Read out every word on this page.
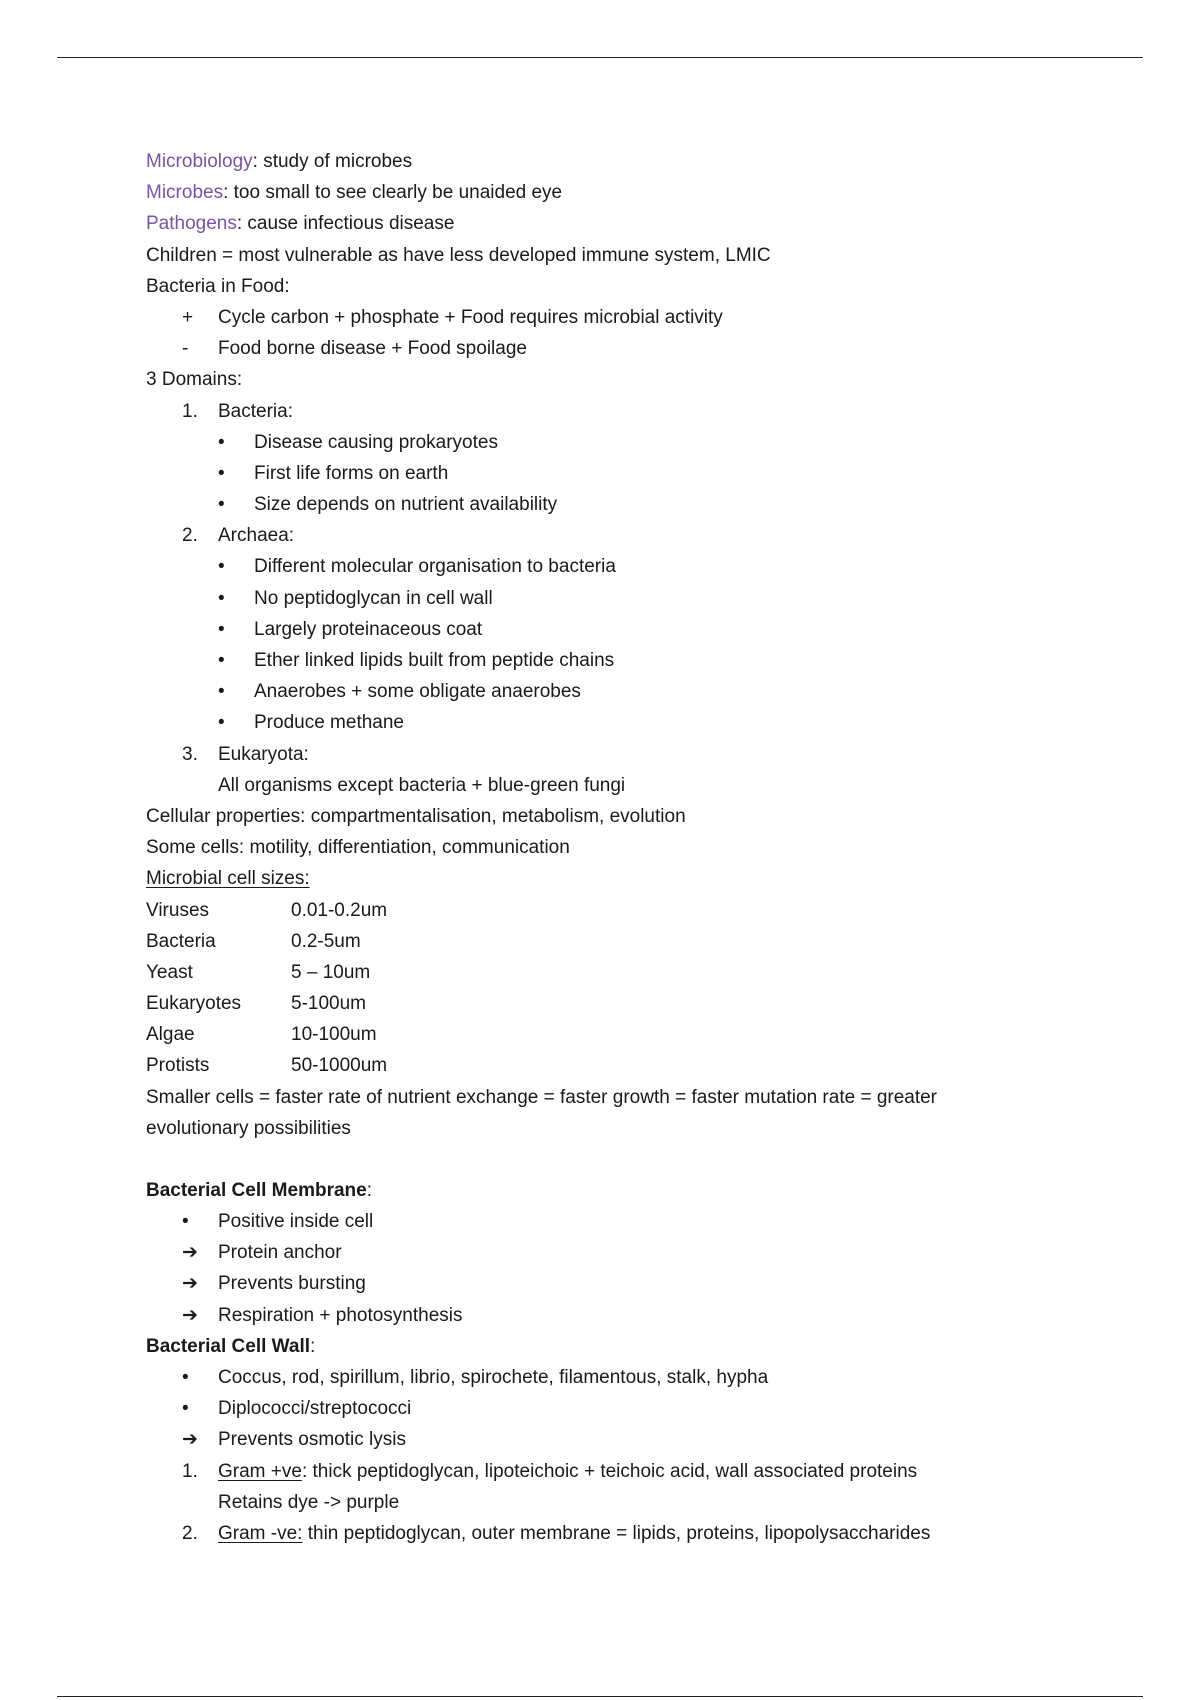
Microbiology: study of microbes
Microbes: too small to see clearly be unaided eye
Pathogens: cause infectious disease
Children = most vulnerable as have less developed immune system, LMIC
Bacteria in Food:
+ Cycle carbon + phosphate + Food requires microbial activity
- Food borne disease + Food spoilage
3 Domains:
1. Bacteria:
• Disease causing prokaryotes
• First life forms on earth
• Size depends on nutrient availability
2. Archaea:
• Different molecular organisation to bacteria
• No peptidoglycan in cell wall
• Largely proteinaceous coat
• Ether linked lipids built from peptide chains
• Anaerobes + some obligate anaerobes
• Produce methane
3. Eukaryota:
All organisms except bacteria + blue-green fungi
Cellular properties: compartmentalisation, metabolism, evolution
Some cells: motility, differentiation, communication
Microbial cell sizes:
Viruses	0.01-0.2um
Bacteria	0.2-5um
Yeast	5 – 10um
Eukaryotes	5-100um
Algae	10-100um
Protists	50-1000um
Smaller cells = faster rate of nutrient exchange = faster growth = faster mutation rate = greater
evolutionary possibilities
Bacterial Cell Membrane:
• Positive inside cell
➔ Protein anchor
➔ Prevents bursting
➔ Respiration + photosynthesis
Bacterial Cell Wall:
• Coccus, rod, spirillum, librio, spirochete, filamentous, stalk, hypha
• Diplococci/streptococci
➔ Prevents osmotic lysis
1. Gram +ve: thick peptidoglycan, lipoteichoic + teichoic acid, wall associated proteins
Retains dye -> purple
2. Gram -ve: thin peptidoglycan, outer membrane = lipids, proteins, lipopolysaccharides
